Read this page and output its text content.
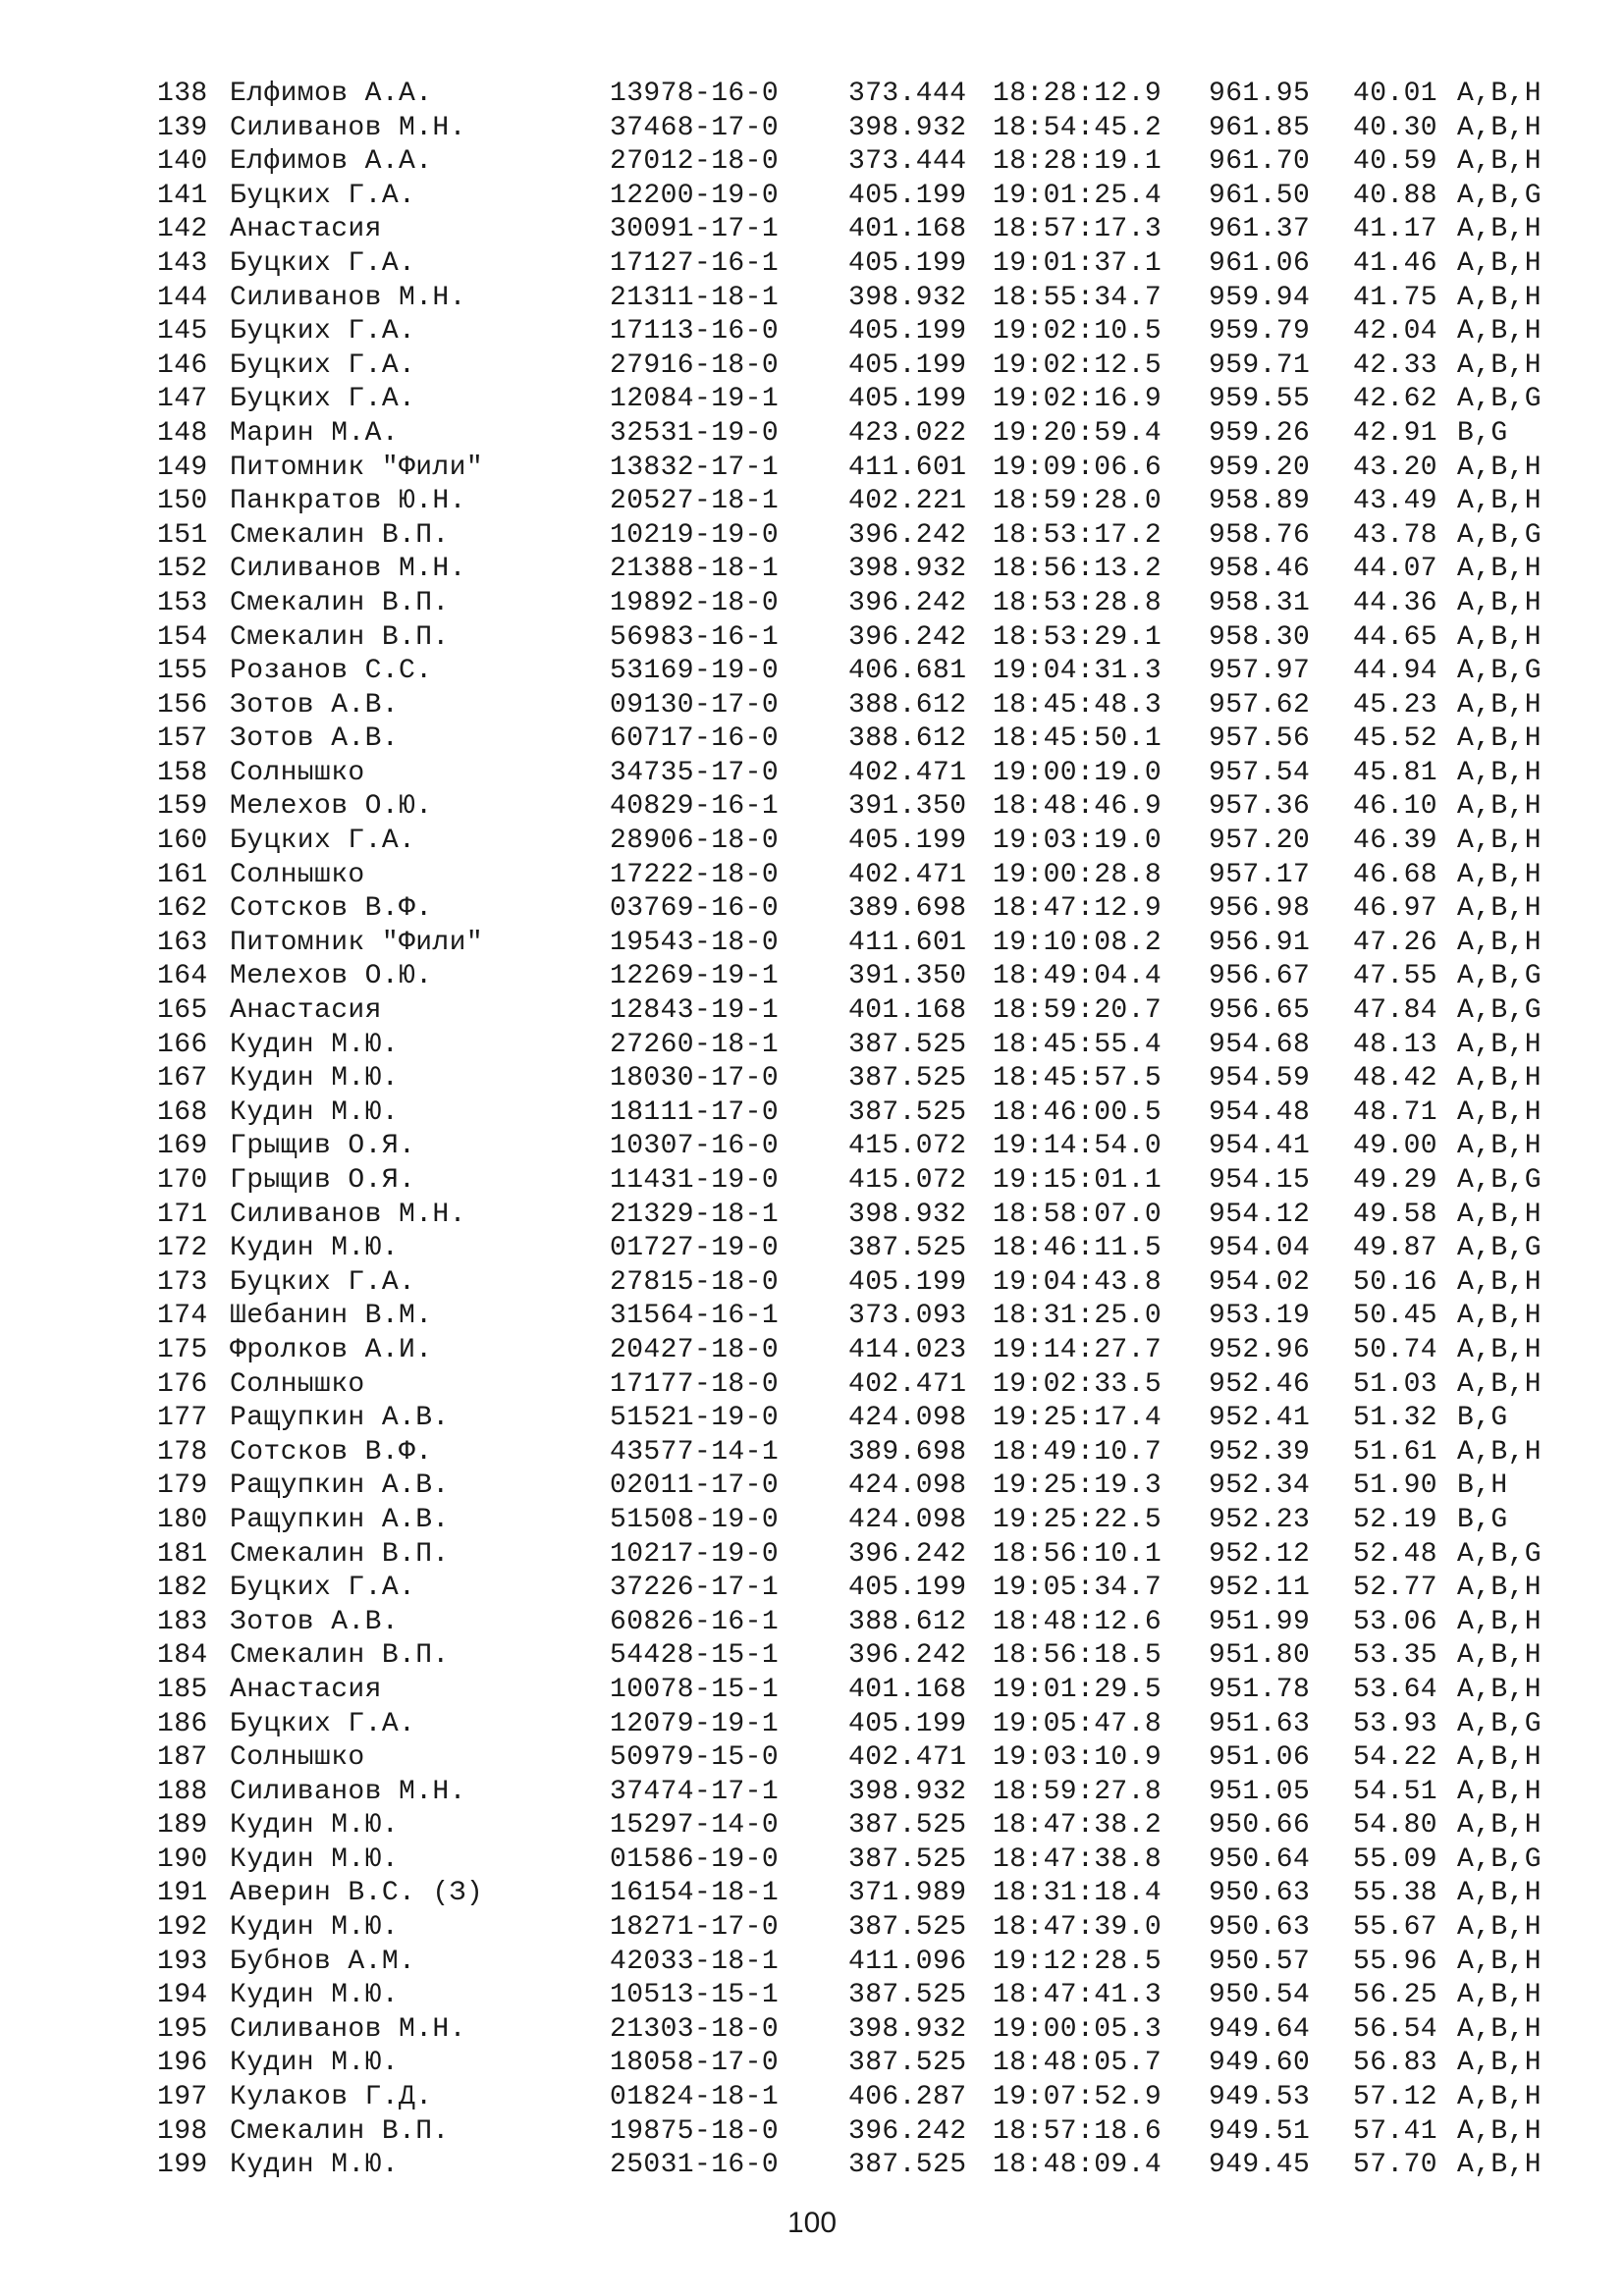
138 Елфимов А.А.	13978-16-0	373.444 18:28:12.9 961.95 40.01 A,B,H
139 Силиванов М.Н.	37468-17-0	398.932 18:54:45.2 961.85 40.30 A,B,H
140 Елфимов А.А.	27012-18-0	373.444 18:28:19.1 961.70 40.59 A,B,H
141 Буцких Г.А.	12200-19-0	405.199 19:01:25.4 961.50 40.88 A,B,G
142 Анастасия	30091-17-1	401.168 18:57:17.3 961.37 41.17 A,B,H
143 Буцких Г.А.	17127-16-1	405.199 19:01:37.1 961.06 41.46 A,B,H
144 Силиванов М.Н.	21311-18-1	398.932 18:55:34.7 959.94 41.75 A,B,H
145 Буцких Г.А.	17113-16-0	405.199 19:02:10.5 959.79 42.04 A,B,H
146 Буцких Г.А.	27916-18-0	405.199 19:02:12.5 959.71 42.33 A,B,H
147 Буцких Г.А.	12084-19-1	405.199 19:02:16.9 959.55 42.62 A,B,G
148 Марин М.А.	32531-19-0	423.022 19:20:59.4 959.26 42.91 B,G
149 Питомник "Фили"	13832-17-1	411.601 19:09:06.6 959.20 43.20 A,B,H
150 Панкратов Ю.Н.	20527-18-1	402.221 18:59:28.0 958.89 43.49 A,B,H
151 Смекалин В.П.	10219-19-0	396.242 18:53:17.2 958.76 43.78 A,B,G
152 Силиванов М.Н.	21388-18-1	398.932 18:56:13.2 958.46 44.07 A,B,H
153 Смекалин В.П.	19892-18-0	396.242 18:53:28.8 958.31 44.36 A,B,H
154 Смекалин В.П.	56983-16-1	396.242 18:53:29.1 958.30 44.65 A,B,H
155 Розанов С.С.	53169-19-0	406.681 19:04:31.3 957.97 44.94 A,B,G
156 Зотов А.В.	09130-17-0	388.612 18:45:48.3 957.62 45.23 A,B,H
157 Зотов А.В.	60717-16-0	388.612 18:45:50.1 957.56 45.52 A,B,H
158 Солнышко	34735-17-0	402.471 19:00:19.0 957.54 45.81 A,B,H
159 Мелехов О.Ю.	40829-16-1	391.350 18:48:46.9 957.36 46.10 A,B,H
160 Буцких Г.А.	28906-18-0	405.199 19:03:19.0 957.20 46.39 A,B,H
161 Солнышко	17222-18-0	402.471 19:00:28.8 957.17 46.68 A,B,H
162 Сотсков В.Ф.	03769-16-0	389.698 18:47:12.9 956.98 46.97 A,B,H
163 Питомник "Фили"	19543-18-0	411.601 19:10:08.2 956.91 47.26 A,B,H
164 Мелехов О.Ю.	12269-19-1	391.350 18:49:04.4 956.67 47.55 A,B,G
165 Анастасия	12843-19-1	401.168 18:59:20.7 956.65 47.84 A,B,G
166 Кудин М.Ю.	27260-18-1	387.525 18:45:55.4 954.68 48.13 A,B,H
167 Кудин М.Ю.	18030-17-0	387.525 18:45:57.5 954.59 48.42 A,B,H
168 Кудин М.Ю.	18111-17-0	387.525 18:46:00.5 954.48 48.71 A,B,H
169 Грыщив О.Я.	10307-16-0	415.072 19:14:54.0 954.41 49.00 A,B,H
170 Грыщив О.Я.	11431-19-0	415.072 19:15:01.1 954.15 49.29 A,B,G
171 Силиванов М.Н.	21329-18-1	398.932 18:58:07.0 954.12 49.58 A,B,H
172 Кудин М.Ю.	01727-19-0	387.525 18:46:11.5 954.04 49.87 A,B,G
173 Буцких Г.А.	27815-18-0	405.199 19:04:43.8 954.02 50.16 A,B,H
174 Шебанин В.М.	31564-16-1	373.093 18:31:25.0 953.19 50.45 A,B,H
175 Фролков А.И.	20427-18-0	414.023 19:14:27.7 952.96 50.74 A,B,H
176 Солнышко	17177-18-0	402.471 19:02:33.5 952.46 51.03 A,B,H
177 Ращупкин А.В.	51521-19-0	424.098 19:25:17.4 952.41 51.32 B,G
178 Сотсков В.Ф.	43577-14-1	389.698 18:49:10.7 952.39 51.61 A,B,H
179 Ращупкин А.В.	02011-17-0	424.098 19:25:19.3 952.34 51.90 B,H
180 Ращупкин А.В.	51508-19-0	424.098 19:25:22.5 952.23 52.19 B,G
181 Смекалин В.П.	10217-19-0	396.242 18:56:10.1 952.12 52.48 A,B,G
182 Буцких Г.А.	37226-17-1	405.199 19:05:34.7 952.11 52.77 A,B,H
183 Зотов А.В.	60826-16-1	388.612 18:48:12.6 951.99 53.06 A,B,H
184 Смекалин В.П.	54428-15-1	396.242 18:56:18.5 951.80 53.35 A,B,H
185 Анастасия	10078-15-1	401.168 19:01:29.5 951.78 53.64 A,B,H
186 Буцких Г.А.	12079-19-1	405.199 19:05:47.8 951.63 53.93 A,B,G
187 Солнышко	50979-15-0	402.471 19:03:10.9 951.06 54.22 A,B,H
188 Силиванов М.Н.	37474-17-1	398.932 18:59:27.8 951.05 54.51 A,B,H
189 Кудин М.Ю.	15297-14-0	387.525 18:47:38.2 950.66 54.80 A,B,H
190 Кудин М.Ю.	01586-19-0	387.525 18:47:38.8 950.64 55.09 A,B,G
191 Аверин В.С. (З)	16154-18-1	371.989 18:31:18.4 950.63 55.38 A,B,H
192 Кудин М.Ю.	18271-17-0	387.525 18:47:39.0 950.63 55.67 A,B,H
193 Бубнов А.М.	42033-18-1	411.096 19:12:28.5 950.57 55.96 A,B,H
194 Кудин М.Ю.	10513-15-1	387.525 18:47:41.3 950.54 56.25 A,B,H
195 Силиванов М.Н.	21303-18-0	398.932 19:00:05.3 949.64 56.54 A,B,H
196 Кудин М.Ю.	18058-17-0	387.525 18:48:05.7 949.60 56.83 A,B,H
197 Кулаков Г.Д.	01824-18-1	406.287 19:07:52.9 949.53 57.12 A,B,H
198 Смекалин В.П.	19875-18-0	396.242 18:57:18.6 949.51 57.41 A,B,H
199 Кудин М.Ю.	25031-16-0	387.525 18:48:09.4 949.45 57.70 A,B,H
100
